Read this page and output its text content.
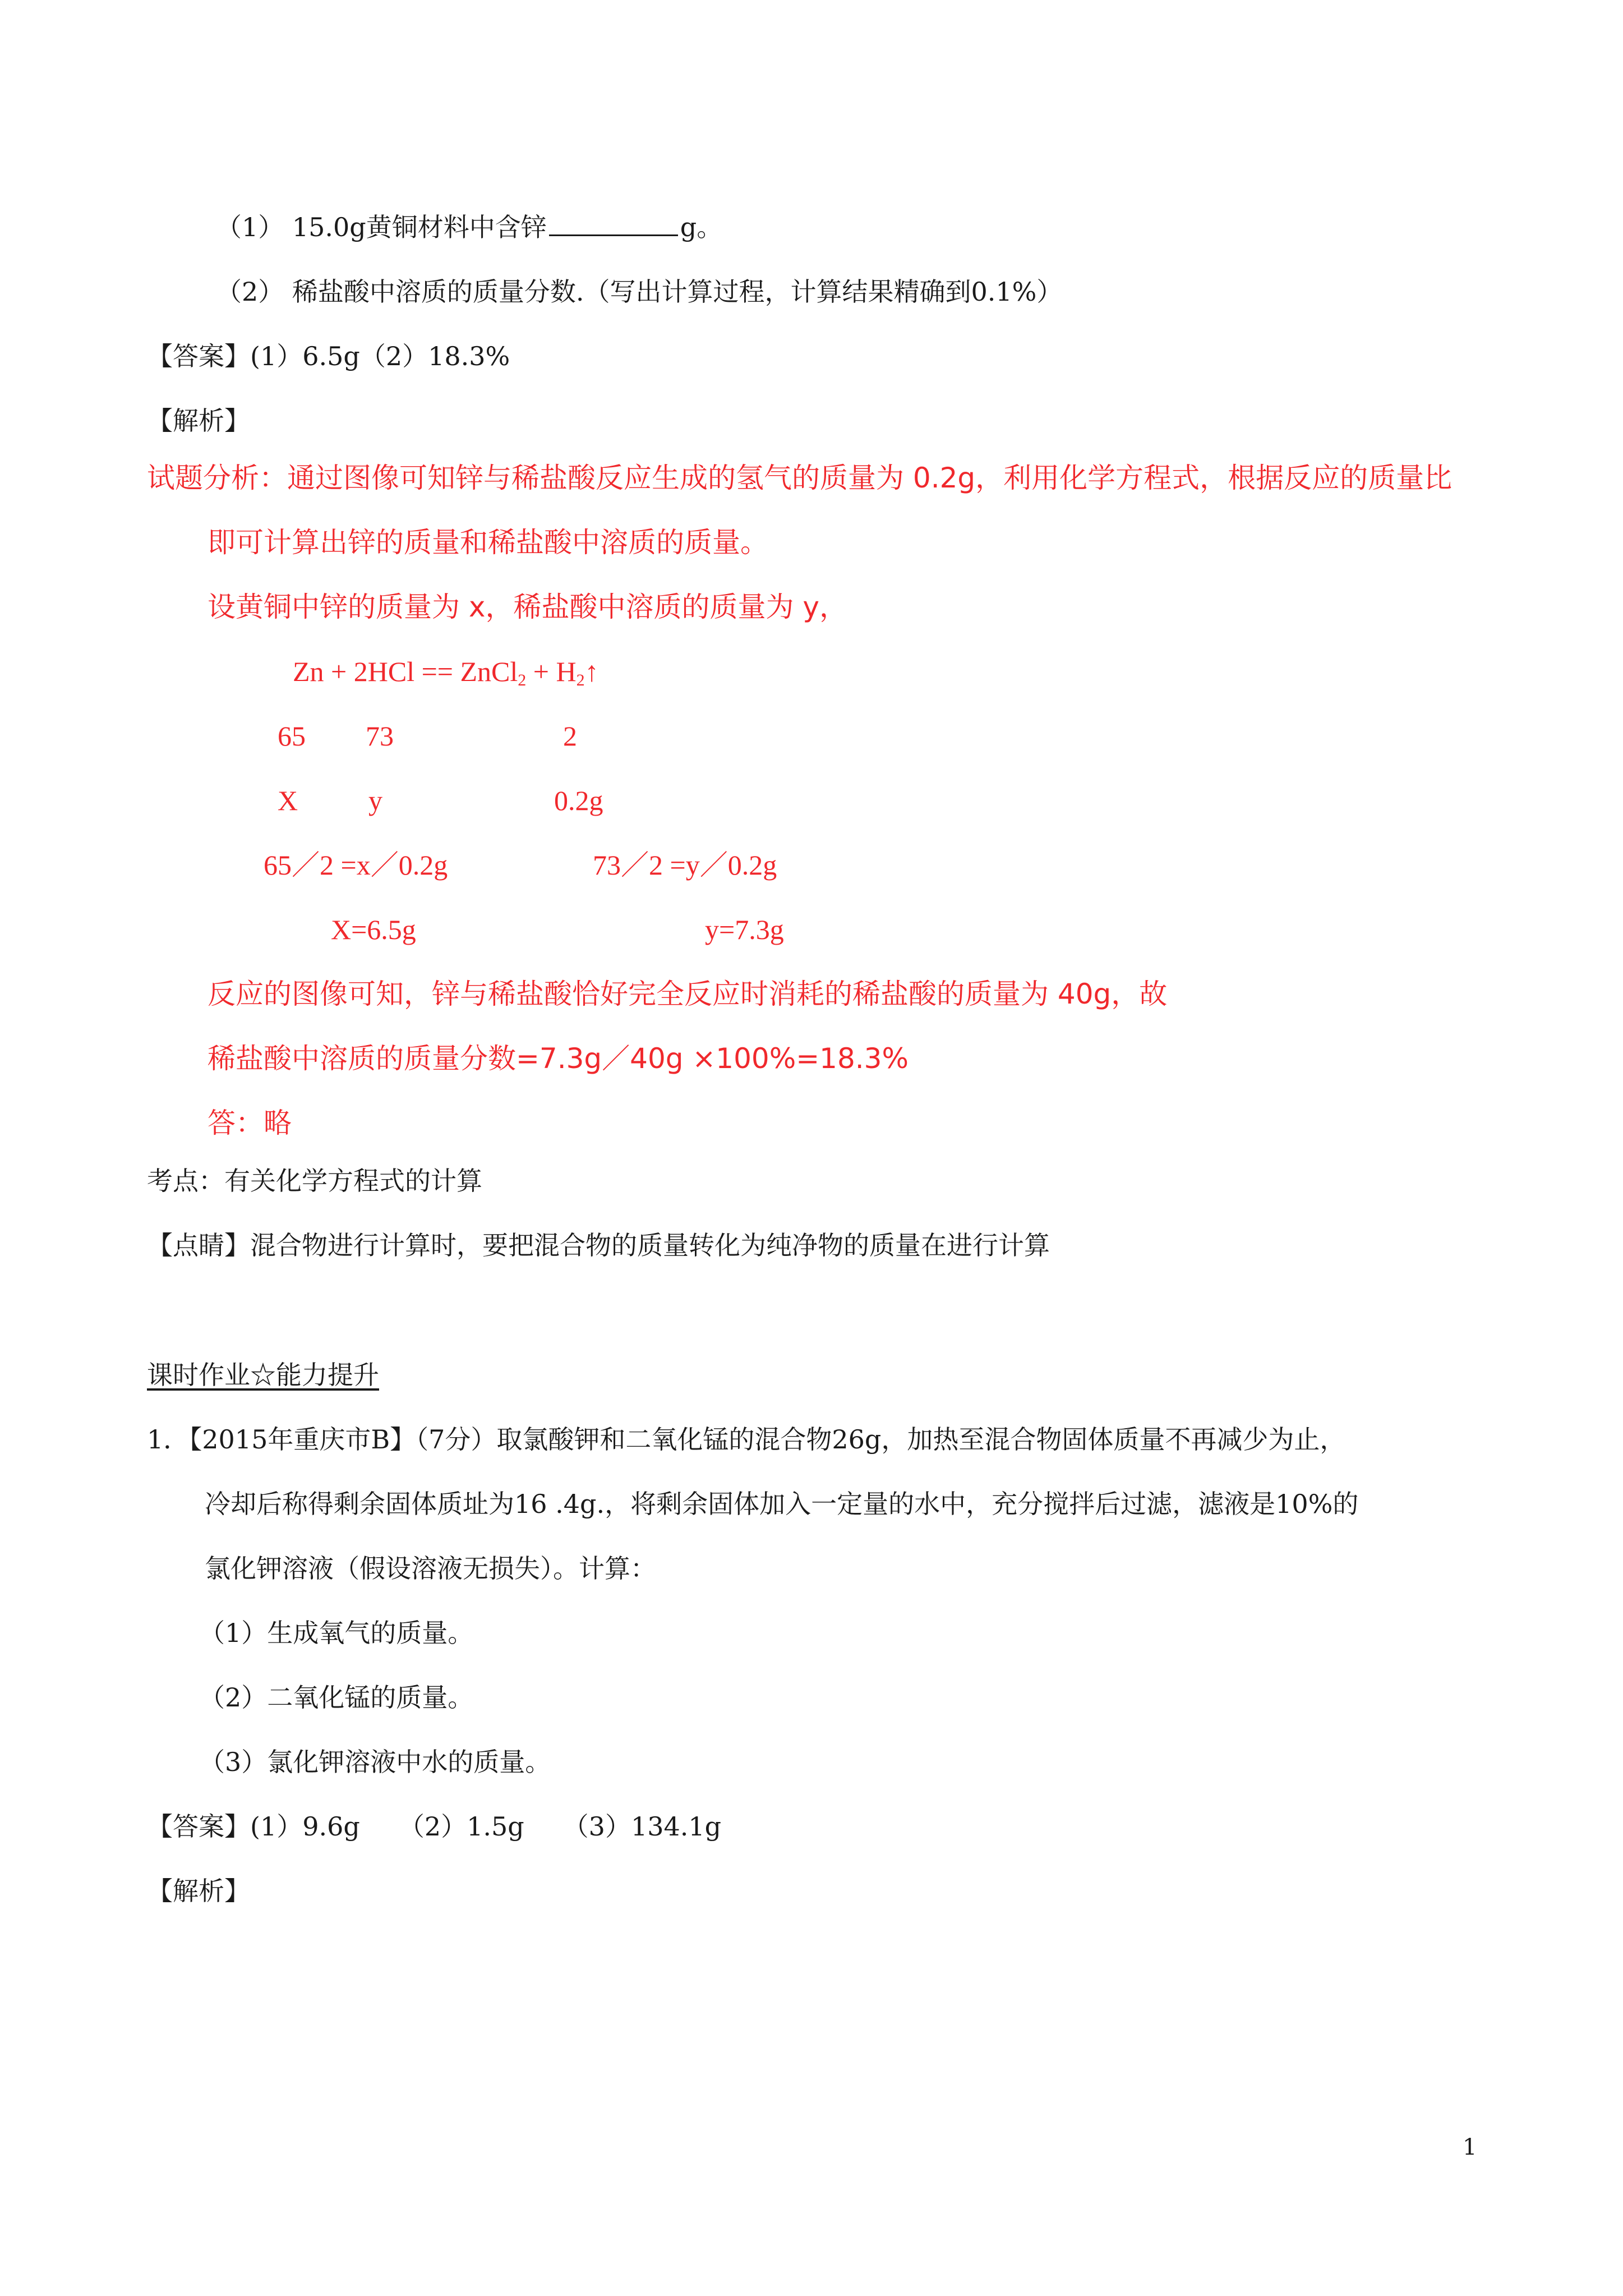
（1） 15.0g黄铜材料中含锌	g。
（2） 稀盐酸中溶质的质量分数.（写出计算过程，计算结果精确到0.1%）
【答案】(1）6.5g（2）18.3%
【解析】
试题分析：通过图像可知锌与稀盐酸反应生成的氢气的质量为 0.2g，利用化学方程式，根据反应的质量比
即可计算出锌的质量和稀盐酸中溶质的质量。
设黄铜中锌的质量为 x，稀盐酸中溶质的质量为 y，
Zn + 2HCl == ZnCl$_2$ + $H_2↑$
65 73	2
X	y	0.2g
65／2 =x／0.2g	73／2 =y／0.2g
X=6.5g	y=7.3g
反应的图像可知，锌与稀盐酸恰好完全反应时消耗的稀盐酸的质量为 40g，故
稀盐酸中溶质的质量分数=7.3g／40g ×100%=18.3%
答：略
考点：有关化学方程式的计算
【点睛】混合物进行计算时，要把混合物的质量转化为纯净物的质量在进行计算
课时作业☆能力提升
1．【2015年重庆市B】（7分）取氯酸钾和二氧化锰的混合物26g，加热至混合物固体质量不再减少为止，
冷却后称得剩余固体质址为16 .4g.，将剩余固体加入一定量的水中，充分搅拌后过滤，滤液是10%的
氯化钾溶液（假设溶液无损失）。计算：
（1）生成氧气的质量。
（2）二氧化锰的质量。
（3）氯化钾溶液中水的质量。
【答案】(1）9.6g　　（2）1.5g　　（3）134.1g
【解析】
1
